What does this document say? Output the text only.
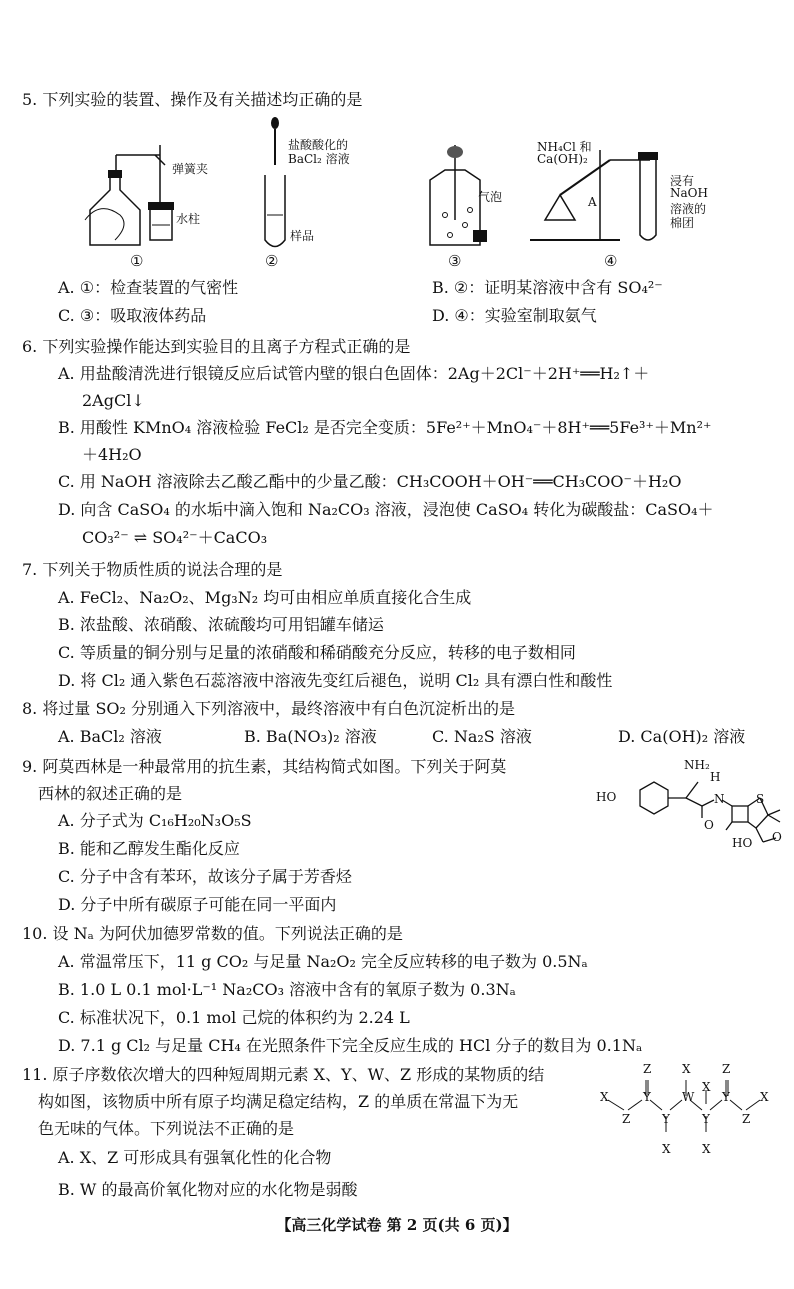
5. 下列实验的装置、操作及有关描述均正确的是
弹簧夹
水柱
①
盐酸酸化的
BaCl₂ 溶液
样品
②
气泡
③
NH₄Cl 和
Ca(OH)₂
A
浸有
NaOH
溶液的
棉团
④
A. ①：检查装置的气密性	B. ②：证明某溶液中含有 SO₄²⁻
C. ③：吸取液体药品	D. ④：实验室制取氨气
6. 下列实验操作能达到实验目的且离子方程式正确的是
A. 用盐酸清洗进行银镜反应后试管内壁的银白色固体：2Ag＋2Cl⁻＋2H⁺══H₂↑＋
2AgCl↓
B. 用酸性 KMnO₄ 溶液检验 FeCl₂ 是否完全变质：5Fe²⁺＋MnO₄⁻＋8H⁺══5Fe³⁺＋Mn²⁺
＋4H₂O
C. 用 NaOH 溶液除去乙酸乙酯中的少量乙酸：CH₃COOH＋OH⁻══CH₃COO⁻＋H₂O
D. 向含 CaSO₄ 的水垢中滴入饱和 Na₂CO₃ 溶液，浸泡使 CaSO₄ 转化为碳酸盐：CaSO₄＋
CO₃²⁻ ⇌ SO₄²⁻＋CaCO₃
7. 下列关于物质性质的说法合理的是
A. FeCl₂、Na₂O₂、Mg₃N₂ 均可由相应单质直接化合生成
B. 浓盐酸、浓硝酸、浓硫酸均可用铝罐车储运
C. 等质量的铜分别与足量的浓硝酸和稀硝酸充分反应，转移的电子数相同
D. 将 Cl₂ 通入紫色石蕊溶液中溶液先变红后褪色，说明 Cl₂ 具有漂白性和酸性
8. 将过量 SO₂ 分别通入下列溶液中，最终溶液中有白色沉淀析出的是
A. BaCl₂ 溶液	B. Ba(NO₃)₂ 溶液	C. Na₂S 溶液	D. Ca(OH)₂ 溶液
9. 阿莫西林是一种最常用的抗生素，其结构简式如图。下列关于阿莫
西林的叙述正确的是
A. 分子式为 C₁₆H₂₀N₃O₅S
B. 能和乙醇发生酯化反应
C. 分子中含有苯环，故该分子属于芳香烃
D. 分子中所有碳原子可能在同一平面内
HO
NH₂
H
N
O
S
HO O
10. 设 Nₐ 为阿伏加德罗常数的值。下列说法正确的是
A. 常温常压下，11 g CO₂ 与足量 Na₂O₂ 完全反应转移的电子数为 0.5Nₐ
B. 1.0 L 0.1 mol·L⁻¹ Na₂CO₃ 溶液中含有的氧原子数为 0.3Nₐ
C. 标准状况下，0.1 mol 己烷的体积约为 2.24 L
D. 7.1 g Cl₂ 与足量 CH₄ 在光照条件下完全反应生成的 HCl 分子的数目为 0.1Nₐ
11. 原子序数依次增大的四种短周期元素 X、Y、W、Z 形成的某物质的结
构如图，该物质中所有原子均满足稳定结构，Z 的单质在常温下为无
色无味的气体。下列说法不正确的是
A. X、Z 可形成具有强氧化性的化合物
B. W 的最高价氧化物对应的水化物是弱酸
X
Z
Z
Y
Y
X
X
W
X
Y
X
Z
Y
Z
X
【高三化学试卷 第 2 页(共 6 页)】
